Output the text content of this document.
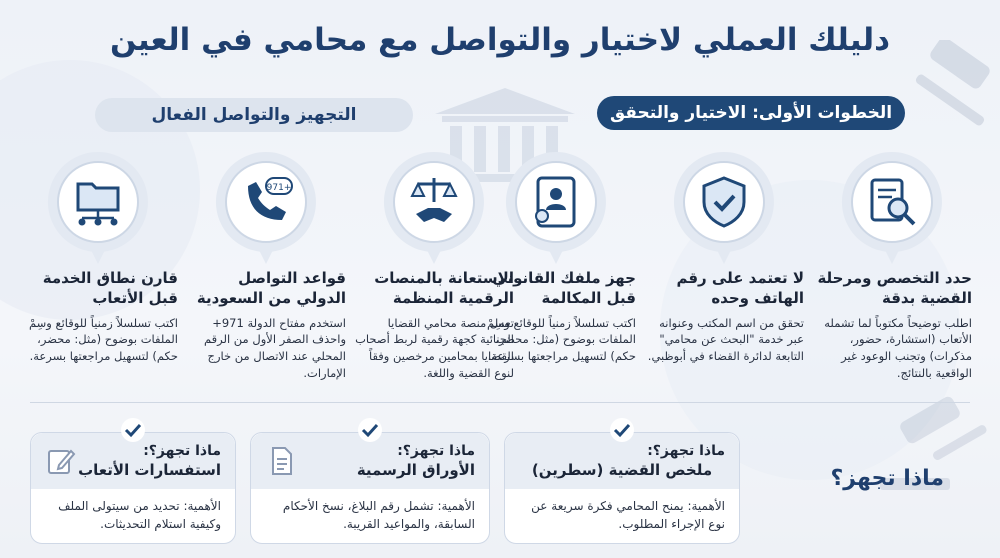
دليلك العملي لاختيار والتواصل مع محامي في العين
الخطوات الأولى: الاختيار والتحقق
التجهيز والتواصل الفعال
حدد التخصص ومرحلة القضية بدقة
اطلب توضيحاً مكتوباً لما تشمله الأتعاب (استشارة، حضور، مذكرات) وتجنب الوعود غير الواقعية بالنتائج.
لا تعتمد على رقم الهاتف وحده
تحقق من اسم المكتب وعنوانه عبر خدمة "البحث عن محامي" التابعة لدائرة القضاء في أبوظبي.
جهز ملفك القانوني قبل المكالمة
اكتب تسلسلاً زمنياً للوقائع وسِمْ الملفات بوضوح (مثل: محضر، حكم) لتسهيل مراجعتها بسرعة.
الاستعانة بالمنصات الرقمية المنظمة
تعمل منصة محامي القضايا الجنائية كجهة رقمية لربط أصحاب القضايا بمحامين مرخصين وفقاً لنوع القضية واللغة.
+971
قواعد التواصل الدولي من السعودية
استخدم مفتاح الدولة 971+ واحذف الصفر الأول من الرقم المحلي عند الاتصال من خارج الإمارات.
قارن نطاق الخدمة قبل الأتعاب
اكتب تسلسلاً زمنياً للوقائع وسِمْ الملفات بوضوح (مثل: محضر، حكم) لتسهيل مراجعتها بسرعة.
ماذا تجهز؟
ماذا تجهز؟:
ملخص القضية (سطرين)
الأهمية: يمنح المحامي فكرة سريعة عن نوع الإجراء المطلوب.
ماذا تجهز؟:
الأوراق الرسمية
الأهمية: تشمل رقم البلاغ، نسخ الأحكام السابقة، والمواعيد القريبة.
ماذا تجهز؟:
استفسارات الأتعاب
الأهمية: تحديد من سيتولى الملف وكيفية استلام التحديثات.
